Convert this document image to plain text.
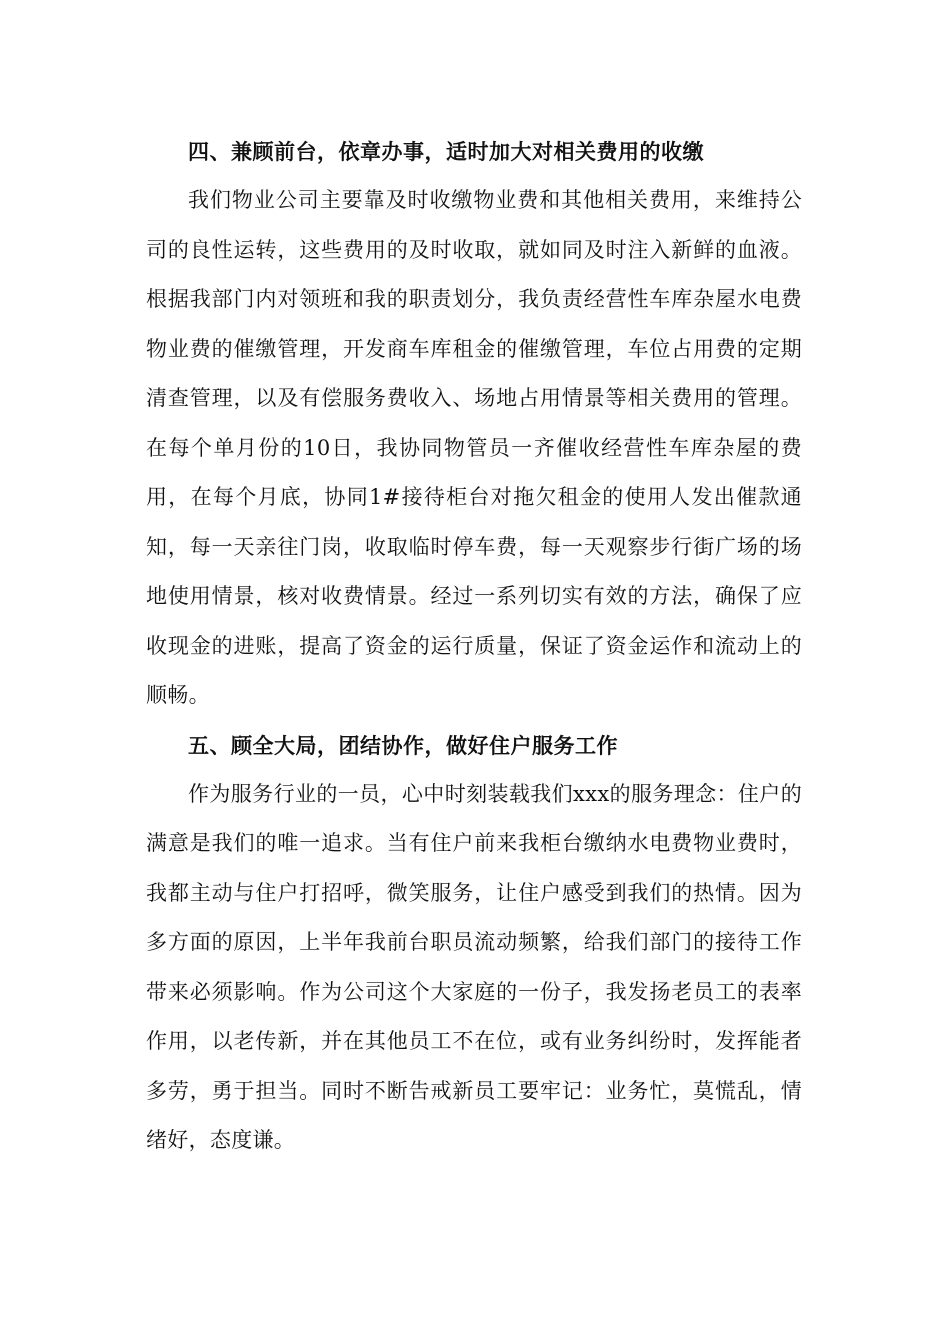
四、兼顾前台，依章办事，适时加大对相关费用的收缴

我们物业公司主要靠及时收缴物业费和其他相关费用，来维持公司的良性运转，这些费用的及时收取，就如同及时注入新鲜的血液。根据我部门内对领班和我的职责划分，我负责经营性车库杂屋水电费物业费的催缴管理，开发商车库租金的催缴管理，车位占用费的定期清查管理，以及有偿服务费收入、场地占用情景等相关费用的管理。在每个单月份的10日，我协同物管员一齐催收经营性车库杂屋的费用，在每个月底，协同1#接待柜台对拖欠租金的使用人发出催款通知，每一天亲往门岗，收取临时停车费，每一天观察步行街广场的场地使用情景，核对收费情景。经过一系列切实有效的方法，确保了应收现金的进账，提高了资金的运行质量，保证了资金运作和流动上的顺畅。

五、顾全大局，团结协作，做好住户服务工作

作为服务行业的一员，心中时刻装载我们xxx的服务理念：住户的满意是我们的唯一追求。当有住户前来我柜台缴纳水电费物业费时，我都主动与住户打招呼，微笑服务，让住户感受到我们的热情。因为多方面的原因，上半年我前台职员流动频繁，给我们部门的接待工作带来必须影响。作为公司这个大家庭的一份子，我发扬老员工的表率作用，以老传新，并在其他员工不在位，或有业务纠纷时，发挥能者多劳，勇于担当。同时不断告戒新员工要牢记：业务忙，莫慌乱，情绪好，态度谦。
